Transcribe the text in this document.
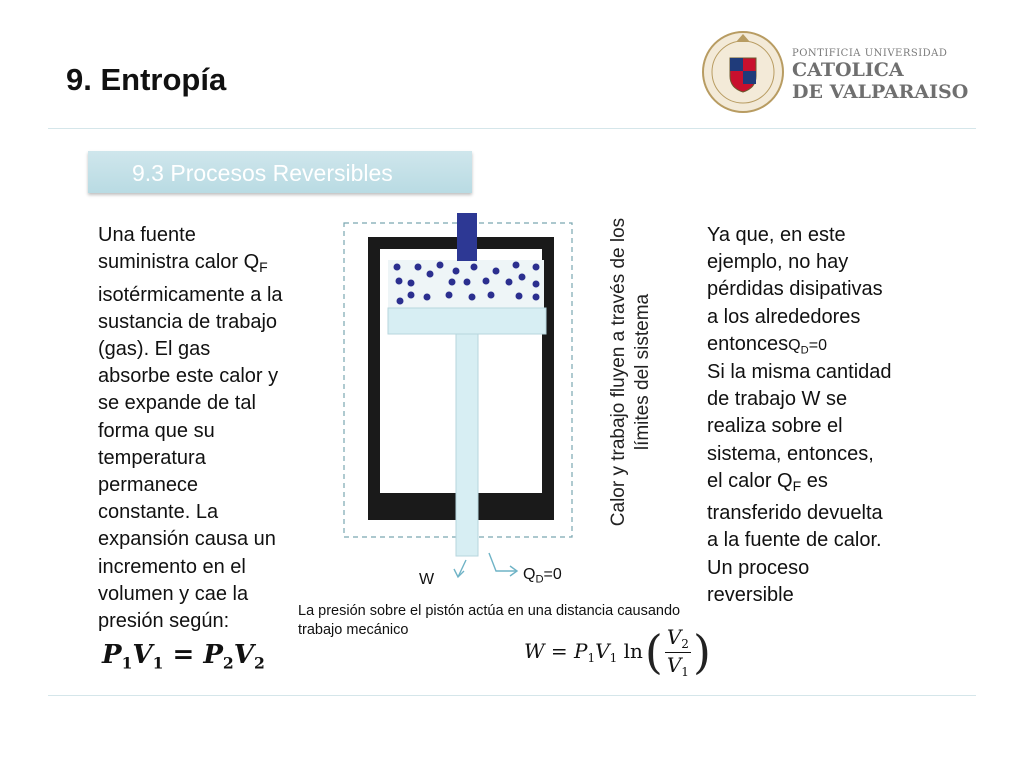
9. Entropía
PONTIFICIA UNIVERSIDAD
CATOLICA
DE VALPARAISO
9.3 Procesos Reversibles
Una fuente
suministra calor $Q_F$
isotérmicamente a la
sustancia de trabajo
(gas). El gas
absorbe este calor y
se expande de tal
forma que su
temperatura
permanece
constante. La
expansión causa un
incremento en el
volumen y cae la
presión según:
$P_1V_1 = P_2V_2$
W	$Q_D=0$
Calor y trabajo fluyen a través de los límites del sistema
Ya que, en este
ejemplo, no hay
pérdidas disipativas
a los alrededores
entoncesQ$_D$=0
Si la misma cantidad
de trabajo W se
realiza sobre el
sistema, entonces,
el calor $Q_F$ es
transferido devuelta
a la fuente de calor.
Un proceso
reversible
La presión sobre el pistón actúa en una distancia causando trabajo mecánico
$W = P_1V_1$ ln	(	$V_2$
$V_1$	)
